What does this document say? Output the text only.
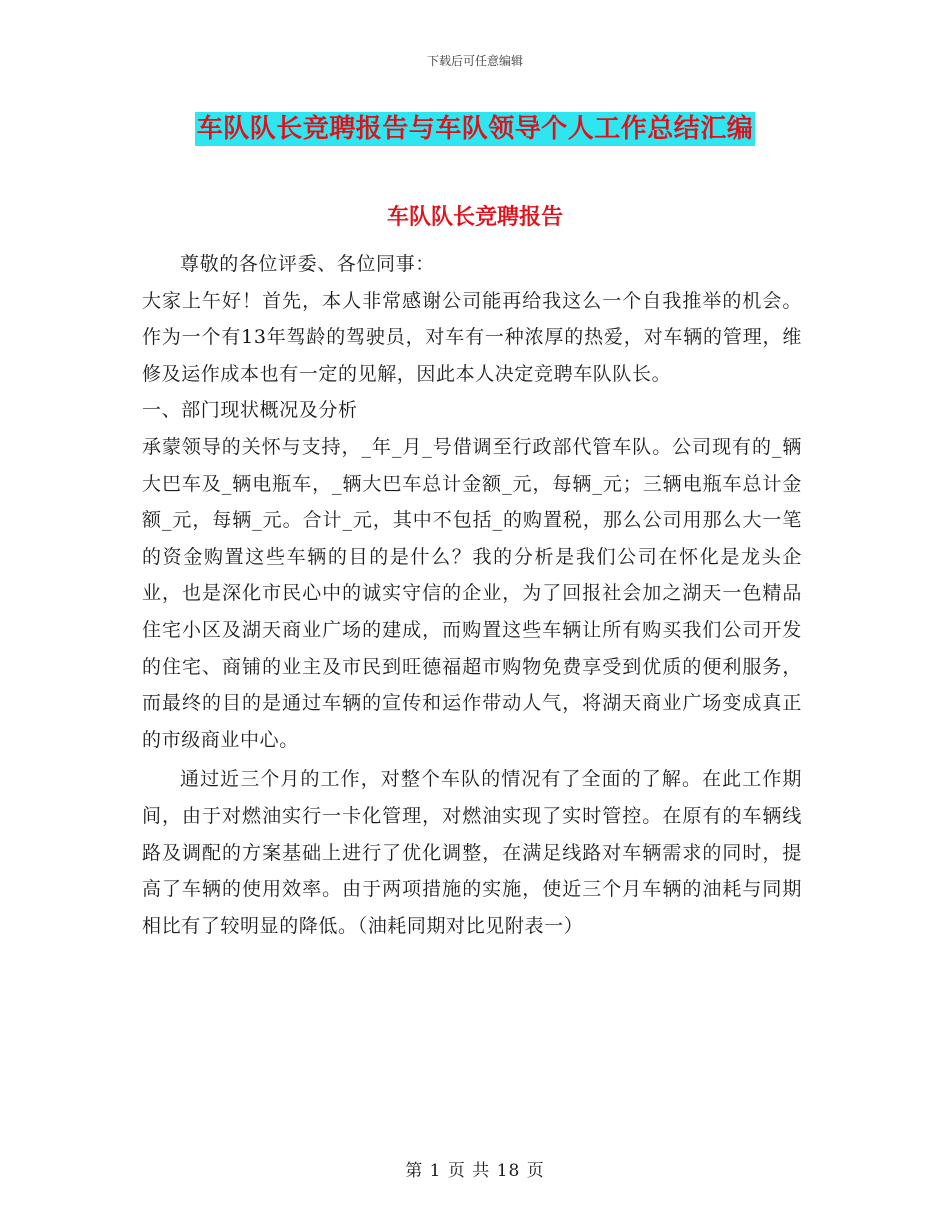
下载后可任意编辑
车队队长竞聘报告与车队领导个人工作总结汇编
车队队长竞聘报告

尊敬的各位评委、各位同事：

大家上午好！首先，本人非常感谢公司能再给我这么一个自我推举的机会。作为一个有13年驾龄的驾驶员，对车有一种浓厚的热爱，对车辆的管理，维修及运作成本也有一定的见解，因此本人决定竞聘车队队长。

一、部门现状概况及分析

承蒙领导的关怀与支持，_年_月_号借调至行政部代管车队。公司现有的_辆大巴车及_辆电瓶车，_辆大巴车总计金额_元，每辆_元；三辆电瓶车总计金额_元，每辆_元。合计_元，其中不包括_的购置税，那么公司用那么大一笔的资金购置这些车辆的目的是什么？我的分析是我们公司在怀化是龙头企业，也是深化市民心中的诚实守信的企业，为了回报社会加之湖天一色精品住宅小区及湖天商业广场的建成，而购置这些车辆让所有购买我们公司开发的住宅、商铺的业主及市民到旺德福超市购物免费享受到优质的便利服务，而最终的目的是通过车辆的宣传和运作带动人气，将湖天商业广场变成真正的市级商业中心。

通过近三个月的工作，对整个车队的情况有了全面的了解。在此工作期间，由于对燃油实行一卡化管理，对燃油实现了实时管控。在原有的车辆线路及调配的方案基础上进行了优化调整，在满足线路对车辆需求的同时，提高了车辆的使用效率。由于两项措施的实施，使近三个月车辆的油耗与同期相比有了较明显的降低。（油耗同期对比见附表一）

第 1 页 共 18 页
